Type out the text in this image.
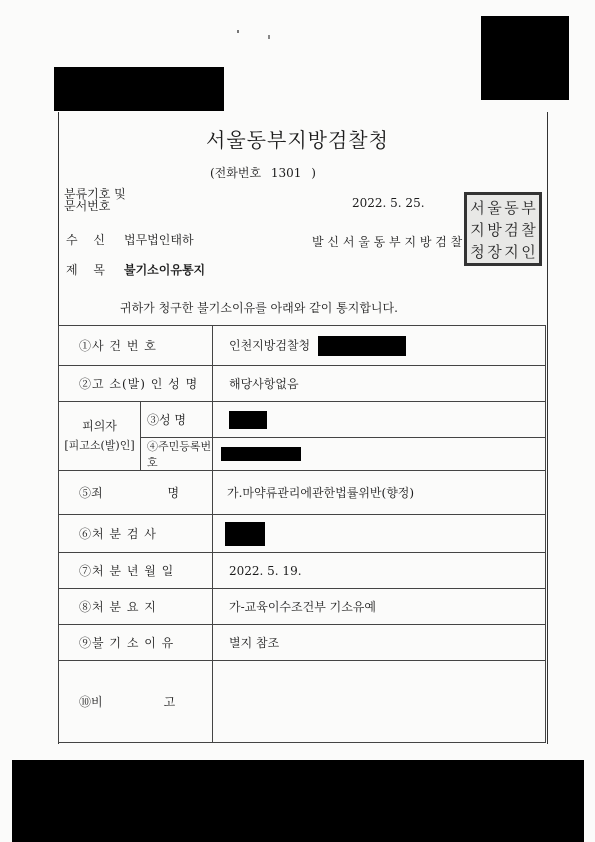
서울동부지방검찰청
(전화번호 1301 )
분류기호 및
문서번호	2022. 5. 25.
수 신 법무법인태하	발 신 서 울 동 부 지 방 검 찰
제 목 불기소이유통지
서 울 동 부
지 방 검 찰
청 장 지 인
귀하가 청구한 불기소이유를 아래와 같이 통지합니다.
①사 건 번 호		인천지방검찰청
②고 소(발) 인 성 명		해당사항없음

피의자
[피고소(발)인]	③성 명	
	④주민등록번호	
⑤죄                 명		가.마약류관리에관한법률위반(향정)
⑥처 분 검 사		
⑦처 분 년 월 일		2022. 5. 19.
⑧처 분 요 지		가-교육이수조건부 기소유예
⑨불 기 소 이 유		별지 참조
⑩비                고		
